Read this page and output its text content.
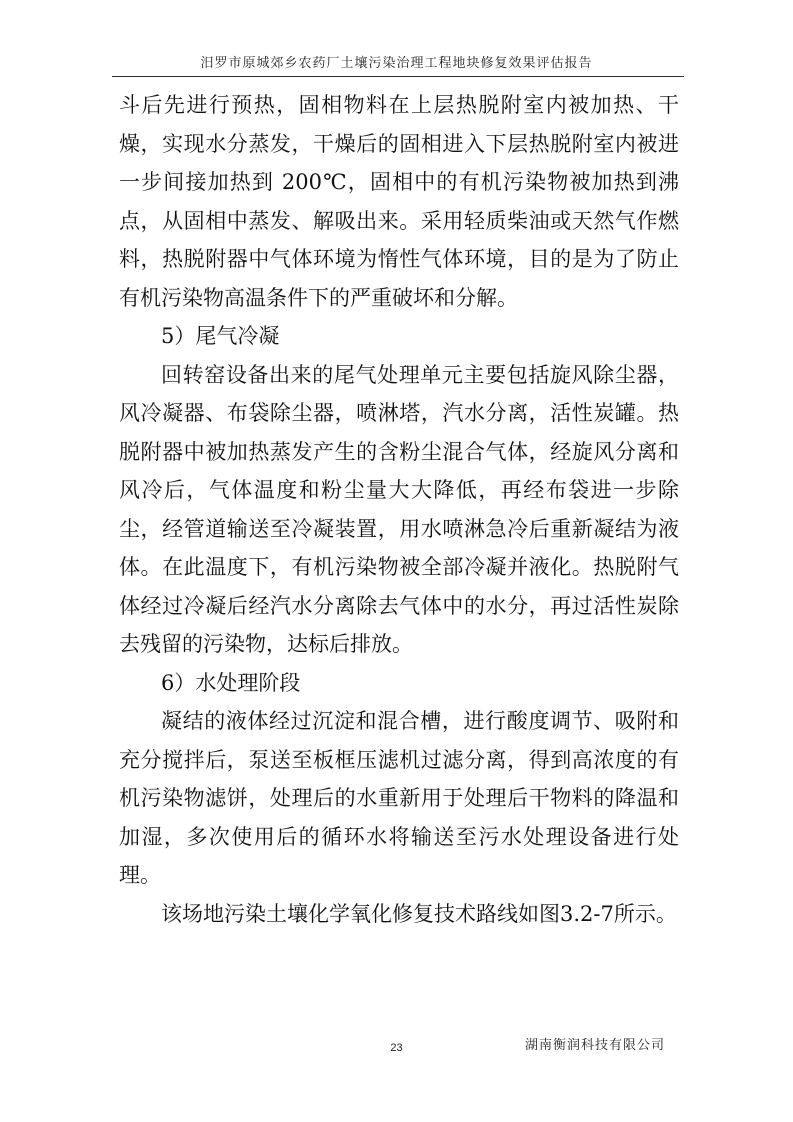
汨罗市原城郊乡农药厂土壤污染治理工程地块修复效果评估报告

斗后先进行预热，固相物料在上层热脱附室内被加热、干燥，实现水分蒸发，干燥后的固相进入下层热脱附室内被进一步间接加热到 200℃，固相中的有机污染物被加热到沸点，从固相中蒸发、解吸出来。采用轻质柴油或天然气作燃料，热脱附器中气体环境为惰性气体环境，目的是为了防止有机污染物高温条件下的严重破坏和分解。

5）尾气冷凝

回转窑设备出来的尾气处理单元主要包括旋风除尘器，风冷凝器、布袋除尘器，喷淋塔，汽水分离，活性炭罐。热脱附器中被加热蒸发产生的含粉尘混合气体，经旋风分离和风冷后，气体温度和粉尘量大大降低，再经布袋进一步除尘，经管道输送至冷凝装置，用水喷淋急冷后重新凝结为液体。在此温度下，有机污染物被全部冷凝并液化。热脱附气体经过冷凝后经汽水分离除去气体中的水分，再过活性炭除去残留的污染物，达标后排放。

6）水处理阶段

凝结的液体经过沉淀和混合槽，进行酸度调节、吸附和充分搅拌后，泵送至板框压滤机过滤分离，得到高浓度的有机污染物滤饼，处理后的水重新用于处理后干物料的降温和加湿，多次使用后的循环水将输送至污水处理设备进行处理。

该场地污染土壤化学氧化修复技术路线如图3.2-7所示。

23	湖南衡润科技有限公司
